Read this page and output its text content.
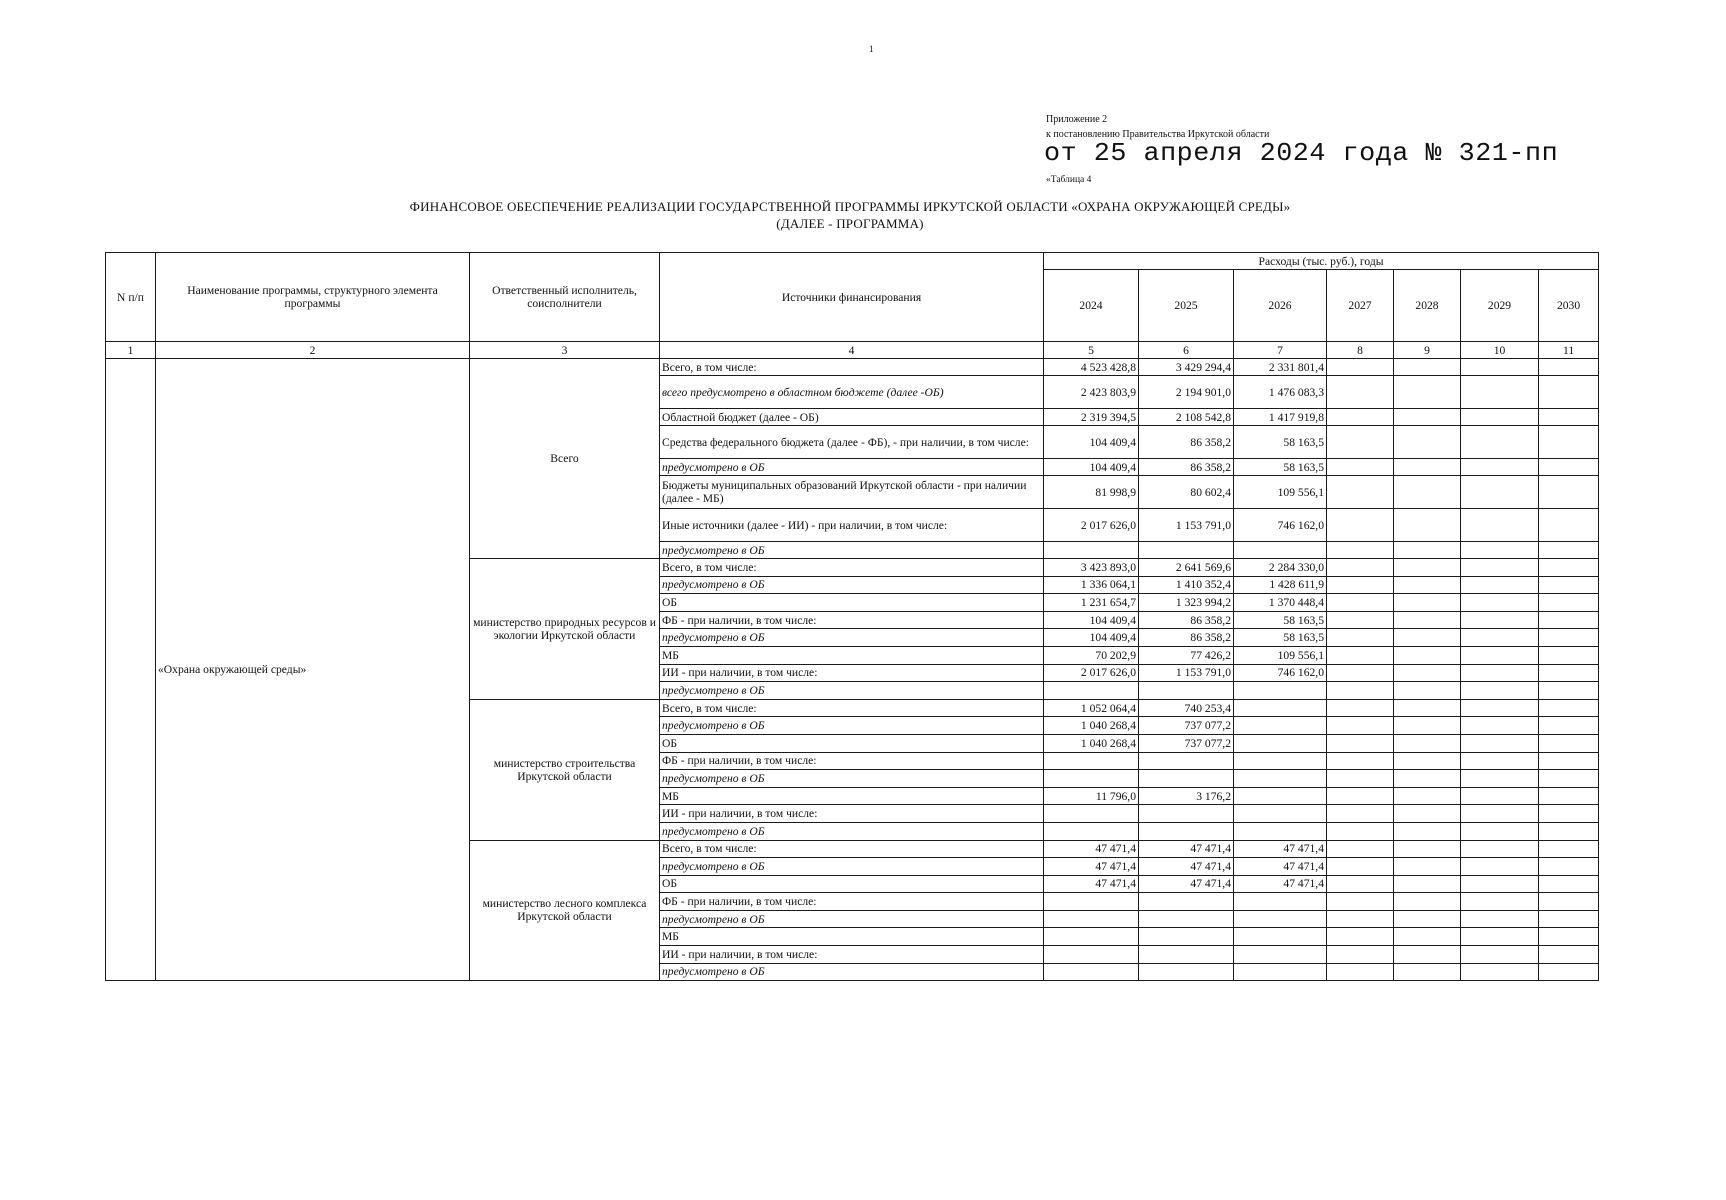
1
Приложение 2
к постановлению Правительства Иркутской области
от 25 апреля 2024 года № 321-пп
«Таблица 4
ФИНАНСОВОЕ ОБЕСПЕЧЕНИЕ РЕАЛИЗАЦИИ ГОСУДАРСТВЕННОЙ ПРОГРАММЫ ИРКУТСКОЙ ОБЛАСТИ «ОХРАНА ОКРУЖАЮЩЕЙ СРЕДЫ»
(ДАЛЕЕ - ПРОГРАММА)
N п/п	Наименование программы, структурного элемента программы	Ответственный исполнитель, соисполнители	Источники финансирования	Расходы (тыс. руб.), годы						
				2024	2025	2026	2027	2028	2029	2030
1	2	3	4	5	6	7	8	9	10	11
	«Охрана окружающей среды»	Всего	Всего, в том числе:	4 523 428,8	3 429 294,4	2 331 801,4				
			всего предусмотрено в областном бюджете (далее -ОБ)	2 423 803,9	2 194 901,0	1 476 083,3				
			Областной бюджет (далее - ОБ)	2 319 394,5	2 108 542,8	1 417 919,8				
			Средства федерального бюджета (далее - ФБ), - при наличии, в том числе:	104 409,4	86 358,2	58 163,5				
			предусмотрено в ОБ	104 409,4	86 358,2	58 163,5				
			Бюджеты муниципальных образований Иркутской области - при наличии (далее - МБ)	81 998,9	80 602,4	109 556,1				
			Иные источники (далее - ИИ) - при наличии, в том числе:	2 017 626,0	1 153 791,0	746 162,0				
			предусмотрено в ОБ							
		министерство природных ресурсов и экологии Иркутской области	Всего, в том числе:	3 423 893,0	2 641 569,6	2 284 330,0				
			предусмотрено в ОБ	1 336 064,1	1 410 352,4	1 428 611,9				
			ОБ	1 231 654,7	1 323 994,2	1 370 448,4				
			ФБ - при наличии, в том числе:	104 409,4	86 358,2	58 163,5				
			предусмотрено в ОБ	104 409,4	86 358,2	58 163,5				
			МБ	70 202,9	77 426,2	109 556,1				
			ИИ - при наличии, в том числе:	2 017 626,0	1 153 791,0	746 162,0				
			предусмотрено в ОБ							
		министерство строительства Иркутской области	Всего, в том числе:	1 052 064,4	740 253,4					
			предусмотрено в ОБ	1 040 268,4	737 077,2					
			ОБ	1 040 268,4	737 077,2					
			ФБ - при наличии, в том числе:							
			предусмотрено в ОБ							
			МБ	11 796,0	3 176,2					
			ИИ - при наличии, в том числе:							
			предусмотрено в ОБ							
		министерство лесного комплекса Иркутской области	Всего, в том числе:	47 471,4	47 471,4	47 471,4				
			предусмотрено в ОБ	47 471,4	47 471,4	47 471,4				
			ОБ	47 471,4	47 471,4	47 471,4				
			ФБ - при наличии, в том числе:							
			предусмотрено в ОБ							
			МБ							
			ИИ - при наличии, в том числе:							
			предусмотрено в ОБ							
